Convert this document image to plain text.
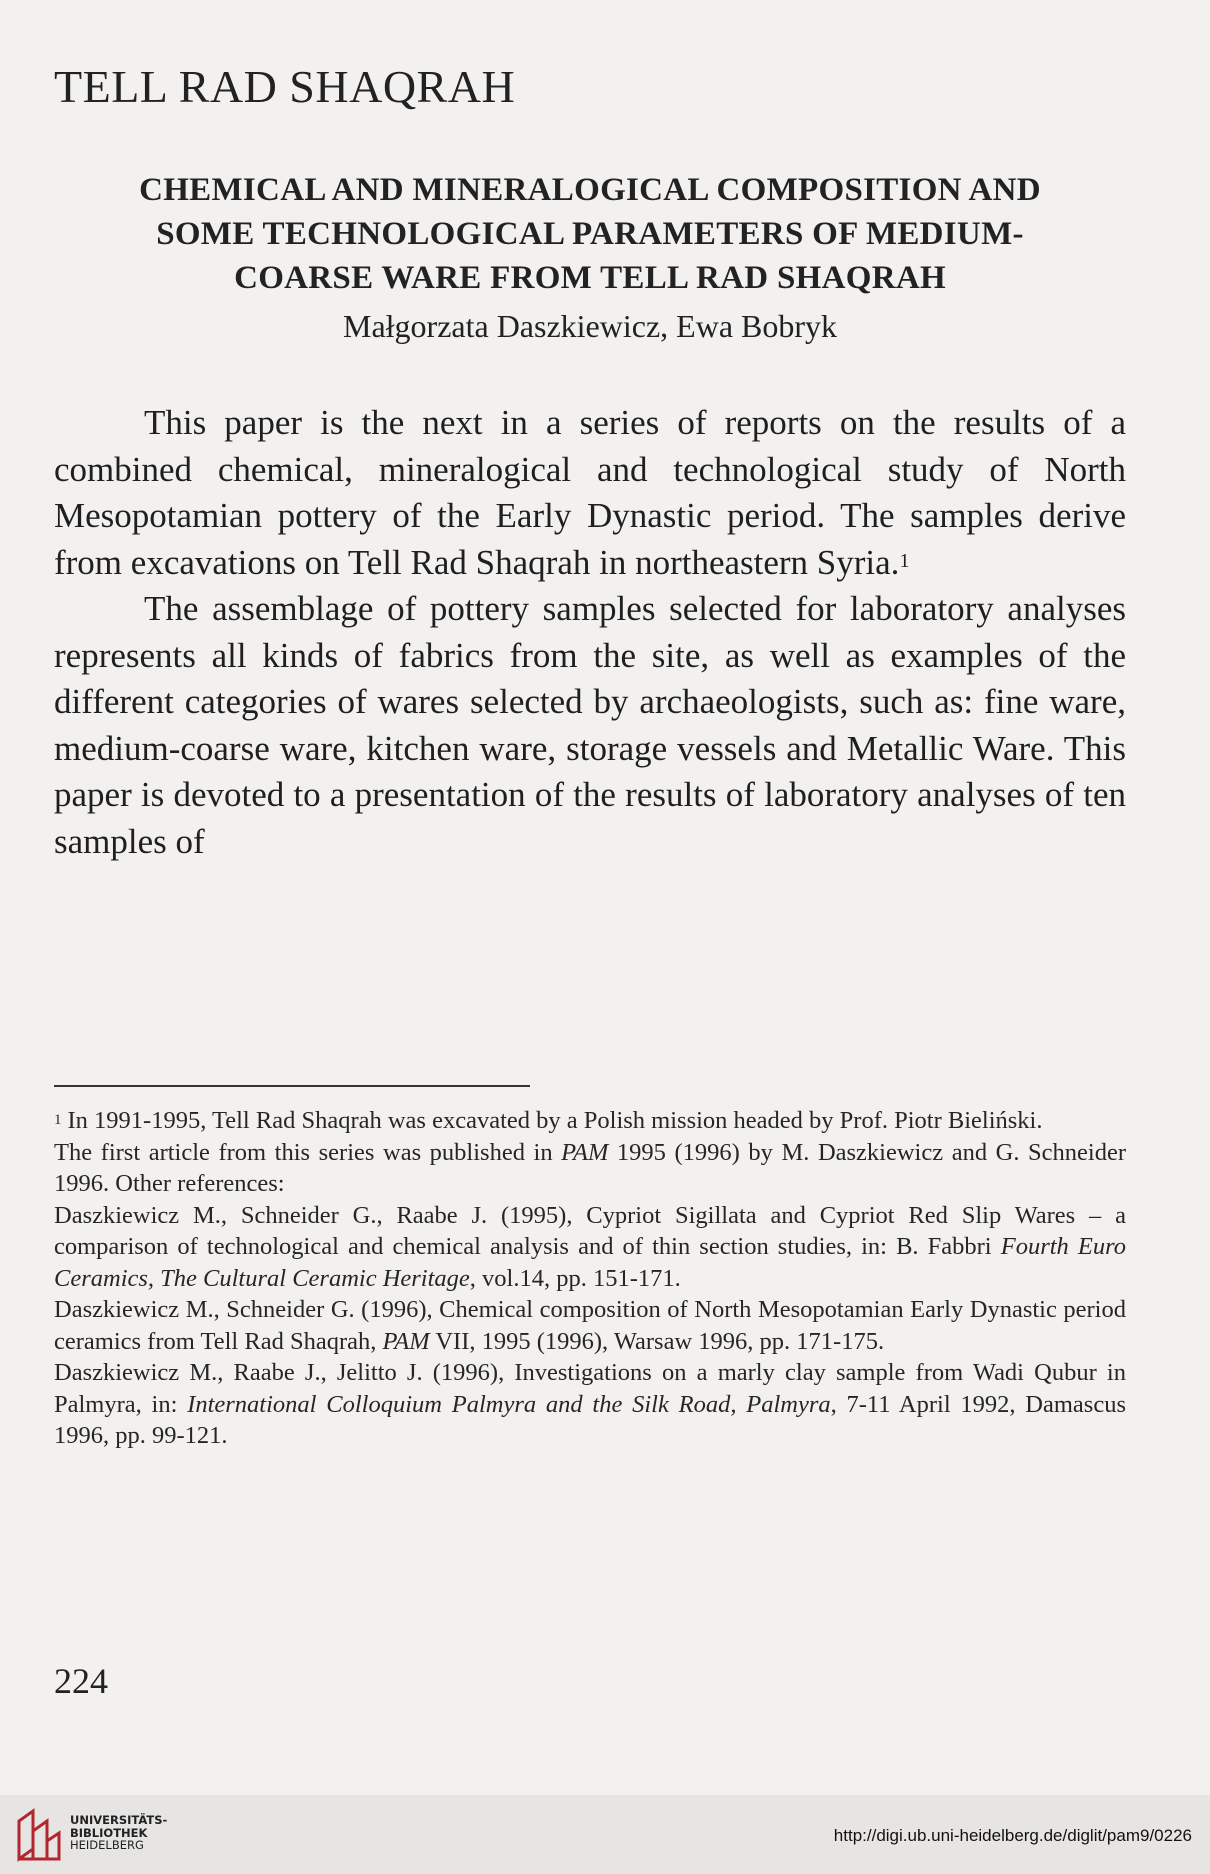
TELL RAD SHAQRAH
CHEMICAL AND MINERALOGICAL COMPOSITION AND
SOME TECHNOLOGICAL PARAMETERS OF MEDIUM-
COARSE WARE FROM TELL RAD SHAQRAH
Małgorzata Daszkiewicz, Ewa Bobryk

This paper is the next in a series of reports on the results of a combined chemical, mineralogical and technological study of North Mesopotamian pottery of the Early Dynastic period. The samples derive from excavations on Tell Rad Shaqrah in northeastern Syria.$^1$

The assemblage of pottery samples selected for laboratory analyses represents all kinds of fabrics from the site, as well as examples of the different categories of wares selected by archaeologists, such as: fine ware, medium-coarse ware, kitchen ware, storage vessels and Metallic Ware. This paper is devoted to a presentation of the results of laboratory analyses of ten samples of

$^1$ In 1991-1995, Tell Rad Shaqrah was excavated by a Polish mission headed by Prof. Piotr Bieliński.

The first article from this series was published in PAM 1995 (1996) by M. Daszkiewicz and G. Schneider 1996. Other references:

Daszkiewicz M., Schneider G., Raabe J. (1995), Cypriot Sigillata and Cypriot Red Slip Wares – a comparison of technological and chemical analysis and of thin section studies, in: B. Fabbri Fourth Euro Ceramics, The Cultural Ceramic Heritage, vol.14, pp. 151-171.

Daszkiewicz M., Schneider G. (1996), Chemical composition of North Mesopotamian Early Dynastic period ceramics from Tell Rad Shaqrah, PAM VII, 1995 (1996), Warsaw 1996, pp. 171-175.

Daszkiewicz M., Raabe J., Jelitto J. (1996), Investigations on a marly clay sample from Wadi Qubur in Palmyra, in: International Colloquium Palmyra and the Silk Road, Palmyra, 7-11 April 1992, Damascus 1996, pp. 99-121.

224
UNIVERSITÄTS-
BIBLIOTHEK
HEIDELBERG	http://digi.ub.uni-heidelberg.de/diglit/pam9/0226
